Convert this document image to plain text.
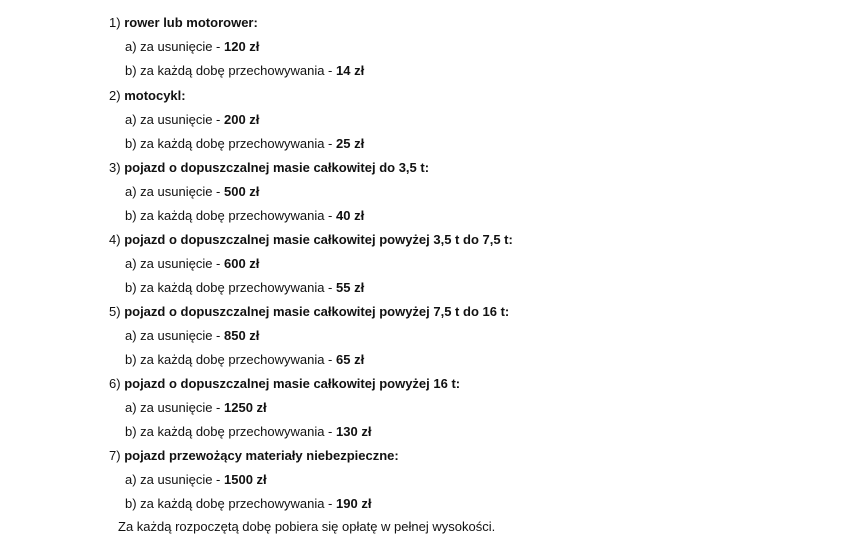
1) rower lub motorower:
a) za usunięcie - 120 zł
b) za każdą dobę przechowywania - 14 zł
2) motocykl:
a) za usunięcie - 200 zł
b) za każdą dobę przechowywania - 25 zł
3) pojazd o dopuszczalnej masie całkowitej do 3,5 t:
a) za usunięcie - 500 zł
b) za każdą dobę przechowywania - 40 zł
4) pojazd o dopuszczalnej masie całkowitej powyżej 3,5 t do 7,5 t:
a) za usunięcie - 600 zł
b) za każdą dobę przechowywania - 55 zł
5) pojazd o dopuszczalnej masie całkowitej powyżej 7,5 t do 16 t:
a) za usunięcie - 850 zł
b) za każdą dobę przechowywania - 65 zł
6) pojazd o dopuszczalnej masie całkowitej powyżej 16 t:
a) za usunięcie - 1250 zł
b) za każdą dobę przechowywania - 130 zł
7) pojazd przewożący materiały niebezpieczne:
a) za usunięcie - 1500 zł
b) za każdą dobę przechowywania - 190 zł
Za każdą rozpoczętą dobę pobiera się opłatę w pełnej wysokości.
